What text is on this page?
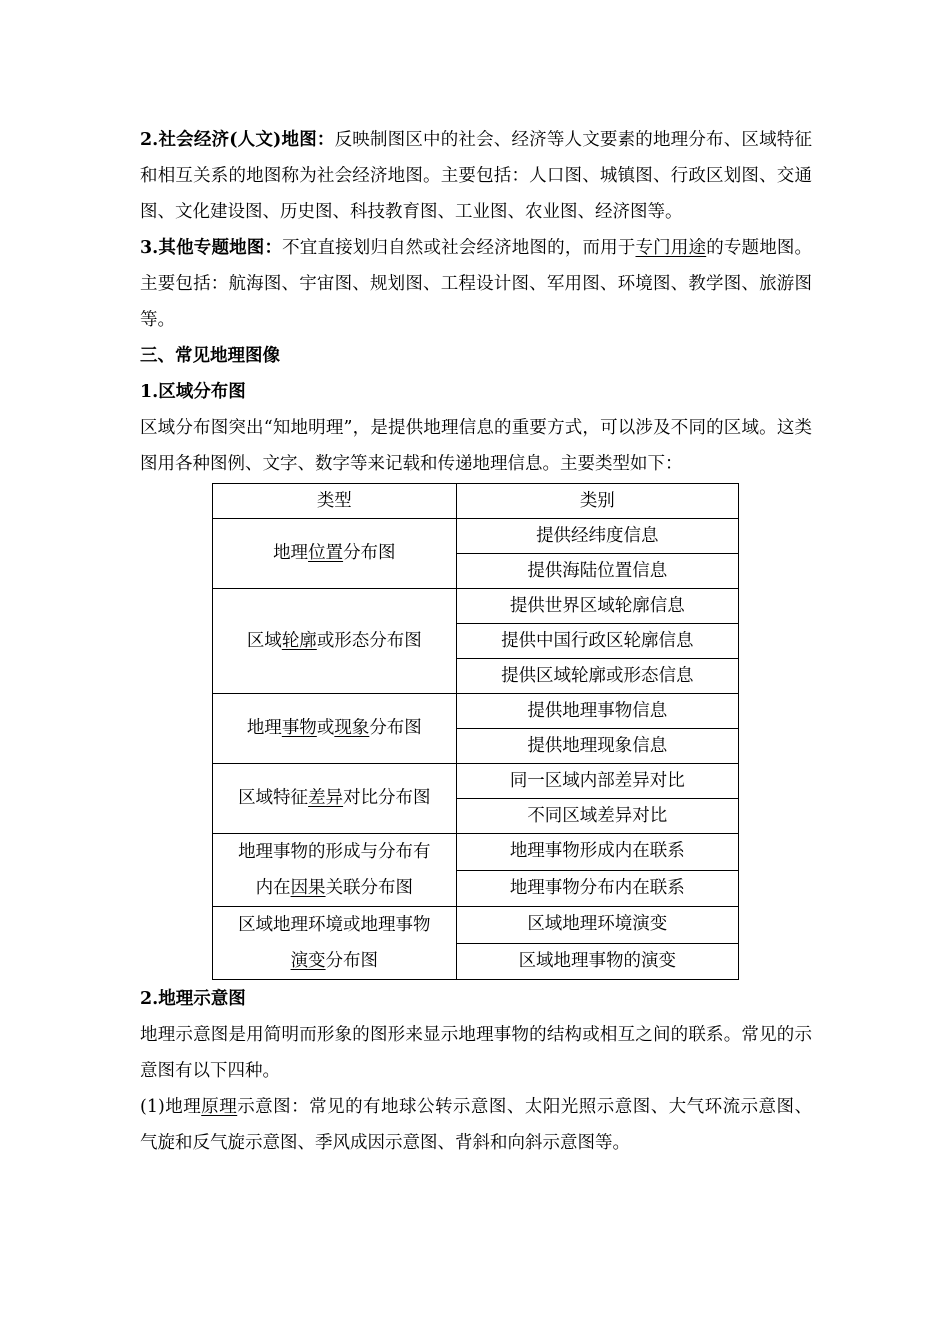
2.社会经济(人文)地图：反映制图区中的社会、经济等人文要素的地理分布、区域特征和相互关系的地图称为社会经济地图。主要包括：人口图、城镇图、行政区划图、交通图、文化建设图、历史图、科技教育图、工业图、农业图、经济图等。

3.其他专题地图：不宜直接划归自然或社会经济地图的，而用于专门用途的专题地图。主要包括：航海图、宇宙图、规划图、工程设计图、军用图、环境图、教学图、旅游图等。

三、常见地理图像

1.区域分布图

区域分布图突出“知地明理”，是提供地理信息的重要方式，可以涉及不同的区域。这类图用各种图例、文字、数字等来记载和传递地理信息。主要类型如下：

类型	类别
地理位置分布图	提供经纬度信息
	提供海陆位置信息
区域轮廓或形态分布图	提供世界区域轮廓信息
	提供中国行政区轮廓信息
	提供区域轮廓或形态信息
地理事物或现象分布图	提供地理事物信息
	提供地理现象信息
区域特征差异对比分布图	同一区域内部差异对比
	不同区域差异对比
地理事物的形成与分布有
内在因果关联分布图	地理事物形成内在联系
	地理事物分布内在联系
区域地理环境或地理事物
演变分布图	区域地理环境演变
	区域地理事物的演变

2.地理示意图

地理示意图是用简明而形象的图形来显示地理事物的结构或相互之间的联系。常见的示意图有以下四种。

(1)地理原理示意图：常见的有地球公转示意图、太阳光照示意图、大气环流示意图、气旋和反气旋示意图、季风成因示意图、背斜和向斜示意图等。
